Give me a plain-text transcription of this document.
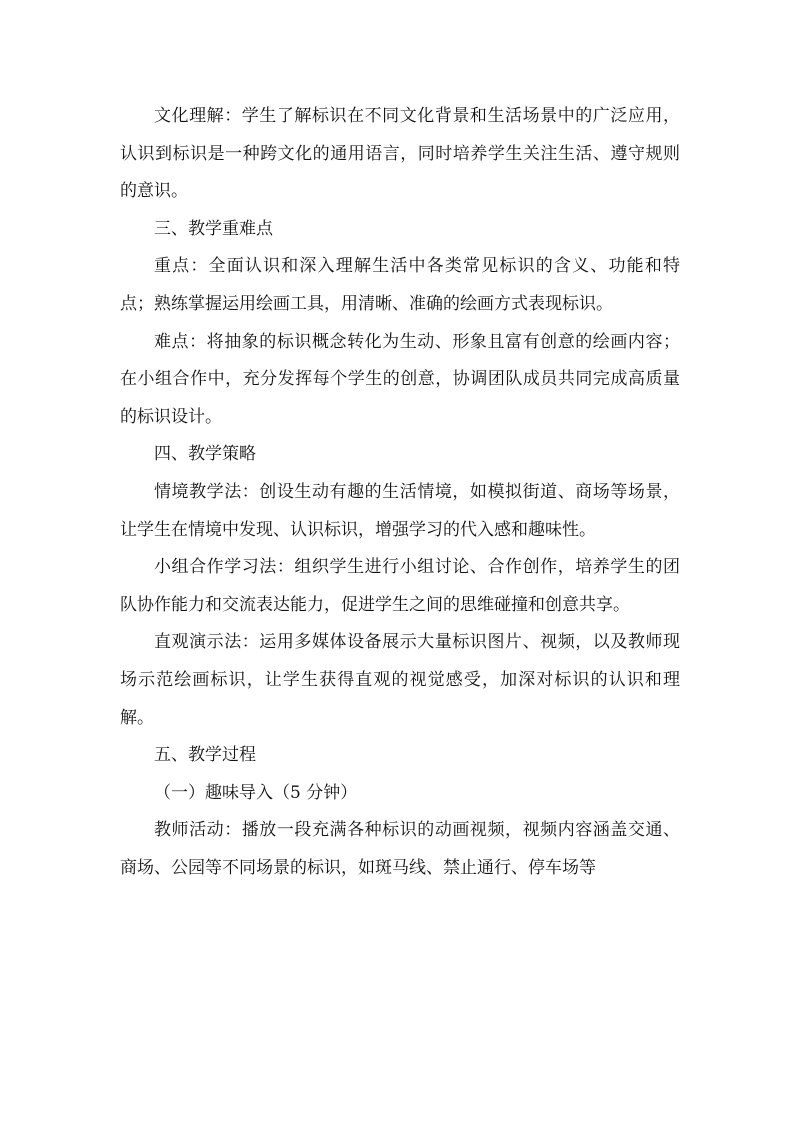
文化理解：学生了解标识在不同文化背景和生活场景中的广泛应用，认识到标识是一种跨文化的通用语言，同时培养学生关注生活、遵守规则的意识。

三、教学重难点

重点：全面认识和深入理解生活中各类常见标识的含义、功能和特点；熟练掌握运用绘画工具，用清晰、准确的绘画方式表现标识。

难点：将抽象的标识概念转化为生动、形象且富有创意的绘画内容；在小组合作中，充分发挥每个学生的创意，协调团队成员共同完成高质量的标识设计。

四、教学策略

情境教学法：创设生动有趣的生活情境，如模拟街道、商场等场景，让学生在情境中发现、认识标识，增强学习的代入感和趣味性。

小组合作学习法：组织学生进行小组讨论、合作创作，培养学生的团队协作能力和交流表达能力，促进学生之间的思维碰撞和创意共享。

直观演示法：运用多媒体设备展示大量标识图片、视频，以及教师现场示范绘画标识，让学生获得直观的视觉感受，加深对标识的认识和理解。

五、教学过程

（一）趣味导入（5 分钟）

教师活动：播放一段充满各种标识的动画视频，视频内容涵盖交通、商场、公园等不同场景的标识，如斑马线、禁止通行、停车场等
